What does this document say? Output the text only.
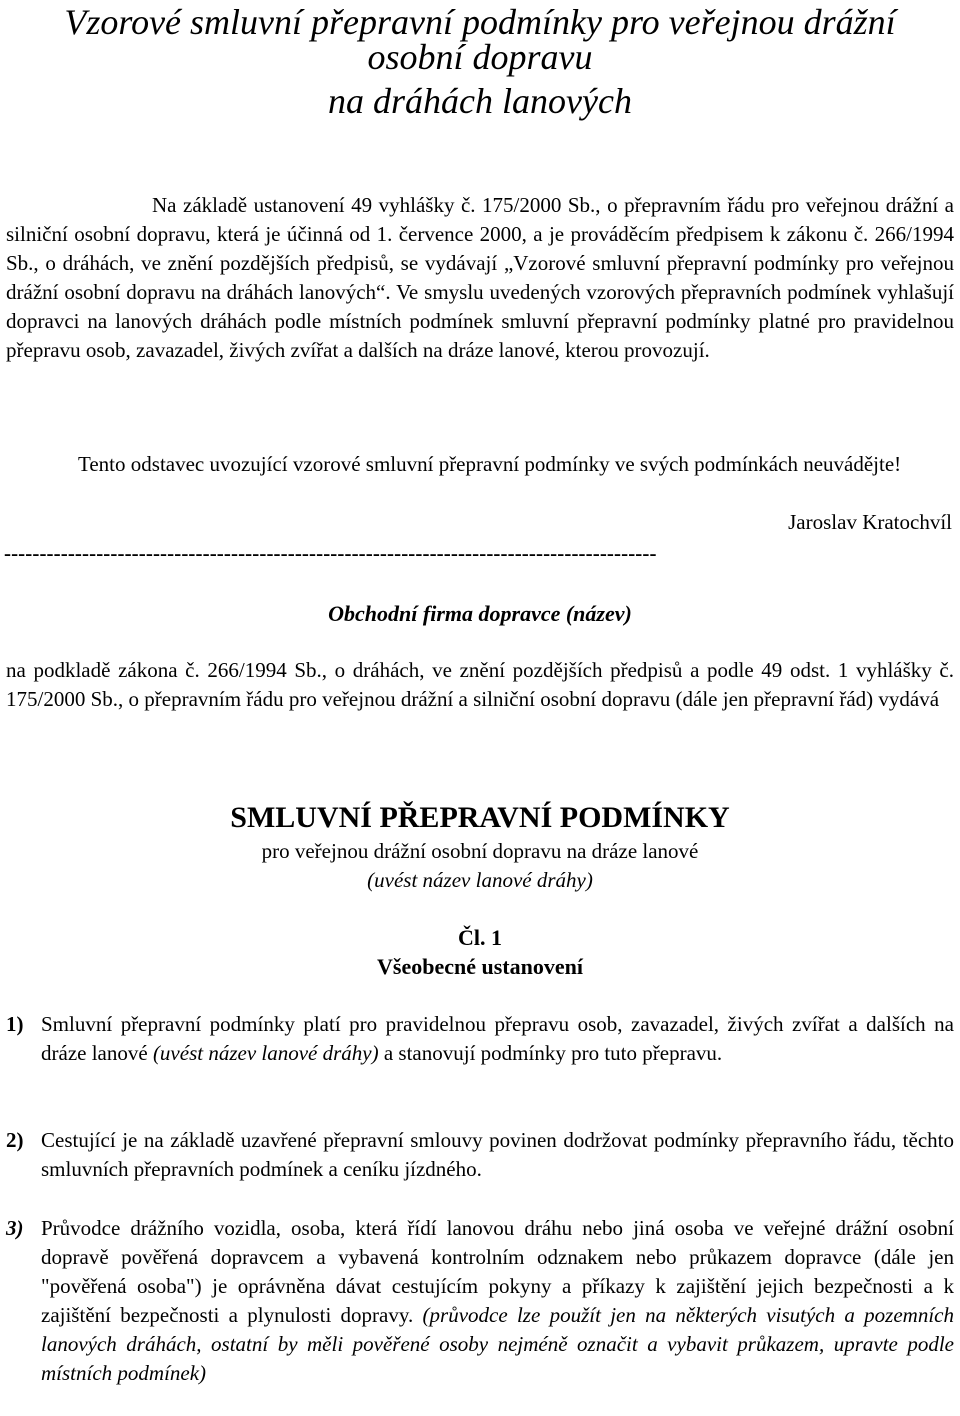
Vzorové smluvní přepravní podmínky pro veřejnou drážní
osobní dopravu
na dráhách lanových
Na základě ustanovení 49 vyhlášky č. 175/2000 Sb., o přepravním řádu pro veřejnou drážní a silniční osobní dopravu, která je účinná od 1. července 2000, a je prováděcím předpisem k zákonu č. 266/1994 Sb., o dráhách, ve znění pozdějších předpisů, se vydávají „Vzorové smluvní přepravní podmínky pro veřejnou drážní osobní dopravu na dráhách lanových“. Ve smyslu uvedených vzorových přepravních podmínek vyhlašují dopravci na lanových dráhách podle místních podmínek smluvní přepravní podmínky platné pro pravidelnou přepravu osob, zavazadel, živých zvířat a dalších na dráze lanové, kterou provozují.
Tento odstavec uvozující vzorové smluvní přepravní podmínky ve svých podmínkách neuvádějte!
Jaroslav Kratochvíl
--------------------------------------------------------------------------------------------
Obchodní firma dopravce (název)
na podkladě zákona č. 266/1994 Sb., o dráhách, ve znění pozdějších předpisů a podle 49 odst. 1 vyhlášky č. 175/2000 Sb., o přepravním řádu pro veřejnou drážní a silniční osobní dopravu (dále jen přepravní řád) vydává
SMLUVNÍ PŘEPRAVNÍ PODMÍNKY
pro veřejnou drážní osobní dopravu na dráze lanové
(uvést název lanové dráhy)
Čl. 1
Všeobecné ustanovení
1) Smluvní přepravní podmínky platí pro pravidelnou přepravu osob, zavazadel, živých zvířat a dalších na dráze lanové (uvést název lanové dráhy) a stanovují podmínky pro tuto přepravu.
2) Cestující je na základě uzavřené přepravní smlouvy povinen dodržovat podmínky přepravního řádu, těchto smluvních přepravních podmínek a ceníku jízdného.
3) Průvodce drážního vozidla, osoba, která řídí lanovou dráhu nebo jiná osoba ve veřejné drážní osobní dopravě pověřená dopravcem a vybavená kontrolním odznakem nebo průkazem dopravce (dále jen "pověřená osoba") je oprávněna dávat cestujícím pokyny a příkazy k zajištění jejich bezpečnosti a k zajištění bezpečnosti a plynulosti dopravy. (průvodce lze použít jen na některých visutých a pozemních lanových dráhách, ostatní by měli pověřené osoby nejméně označit a vybavit průkazem, upravte podle místních podmínek)
